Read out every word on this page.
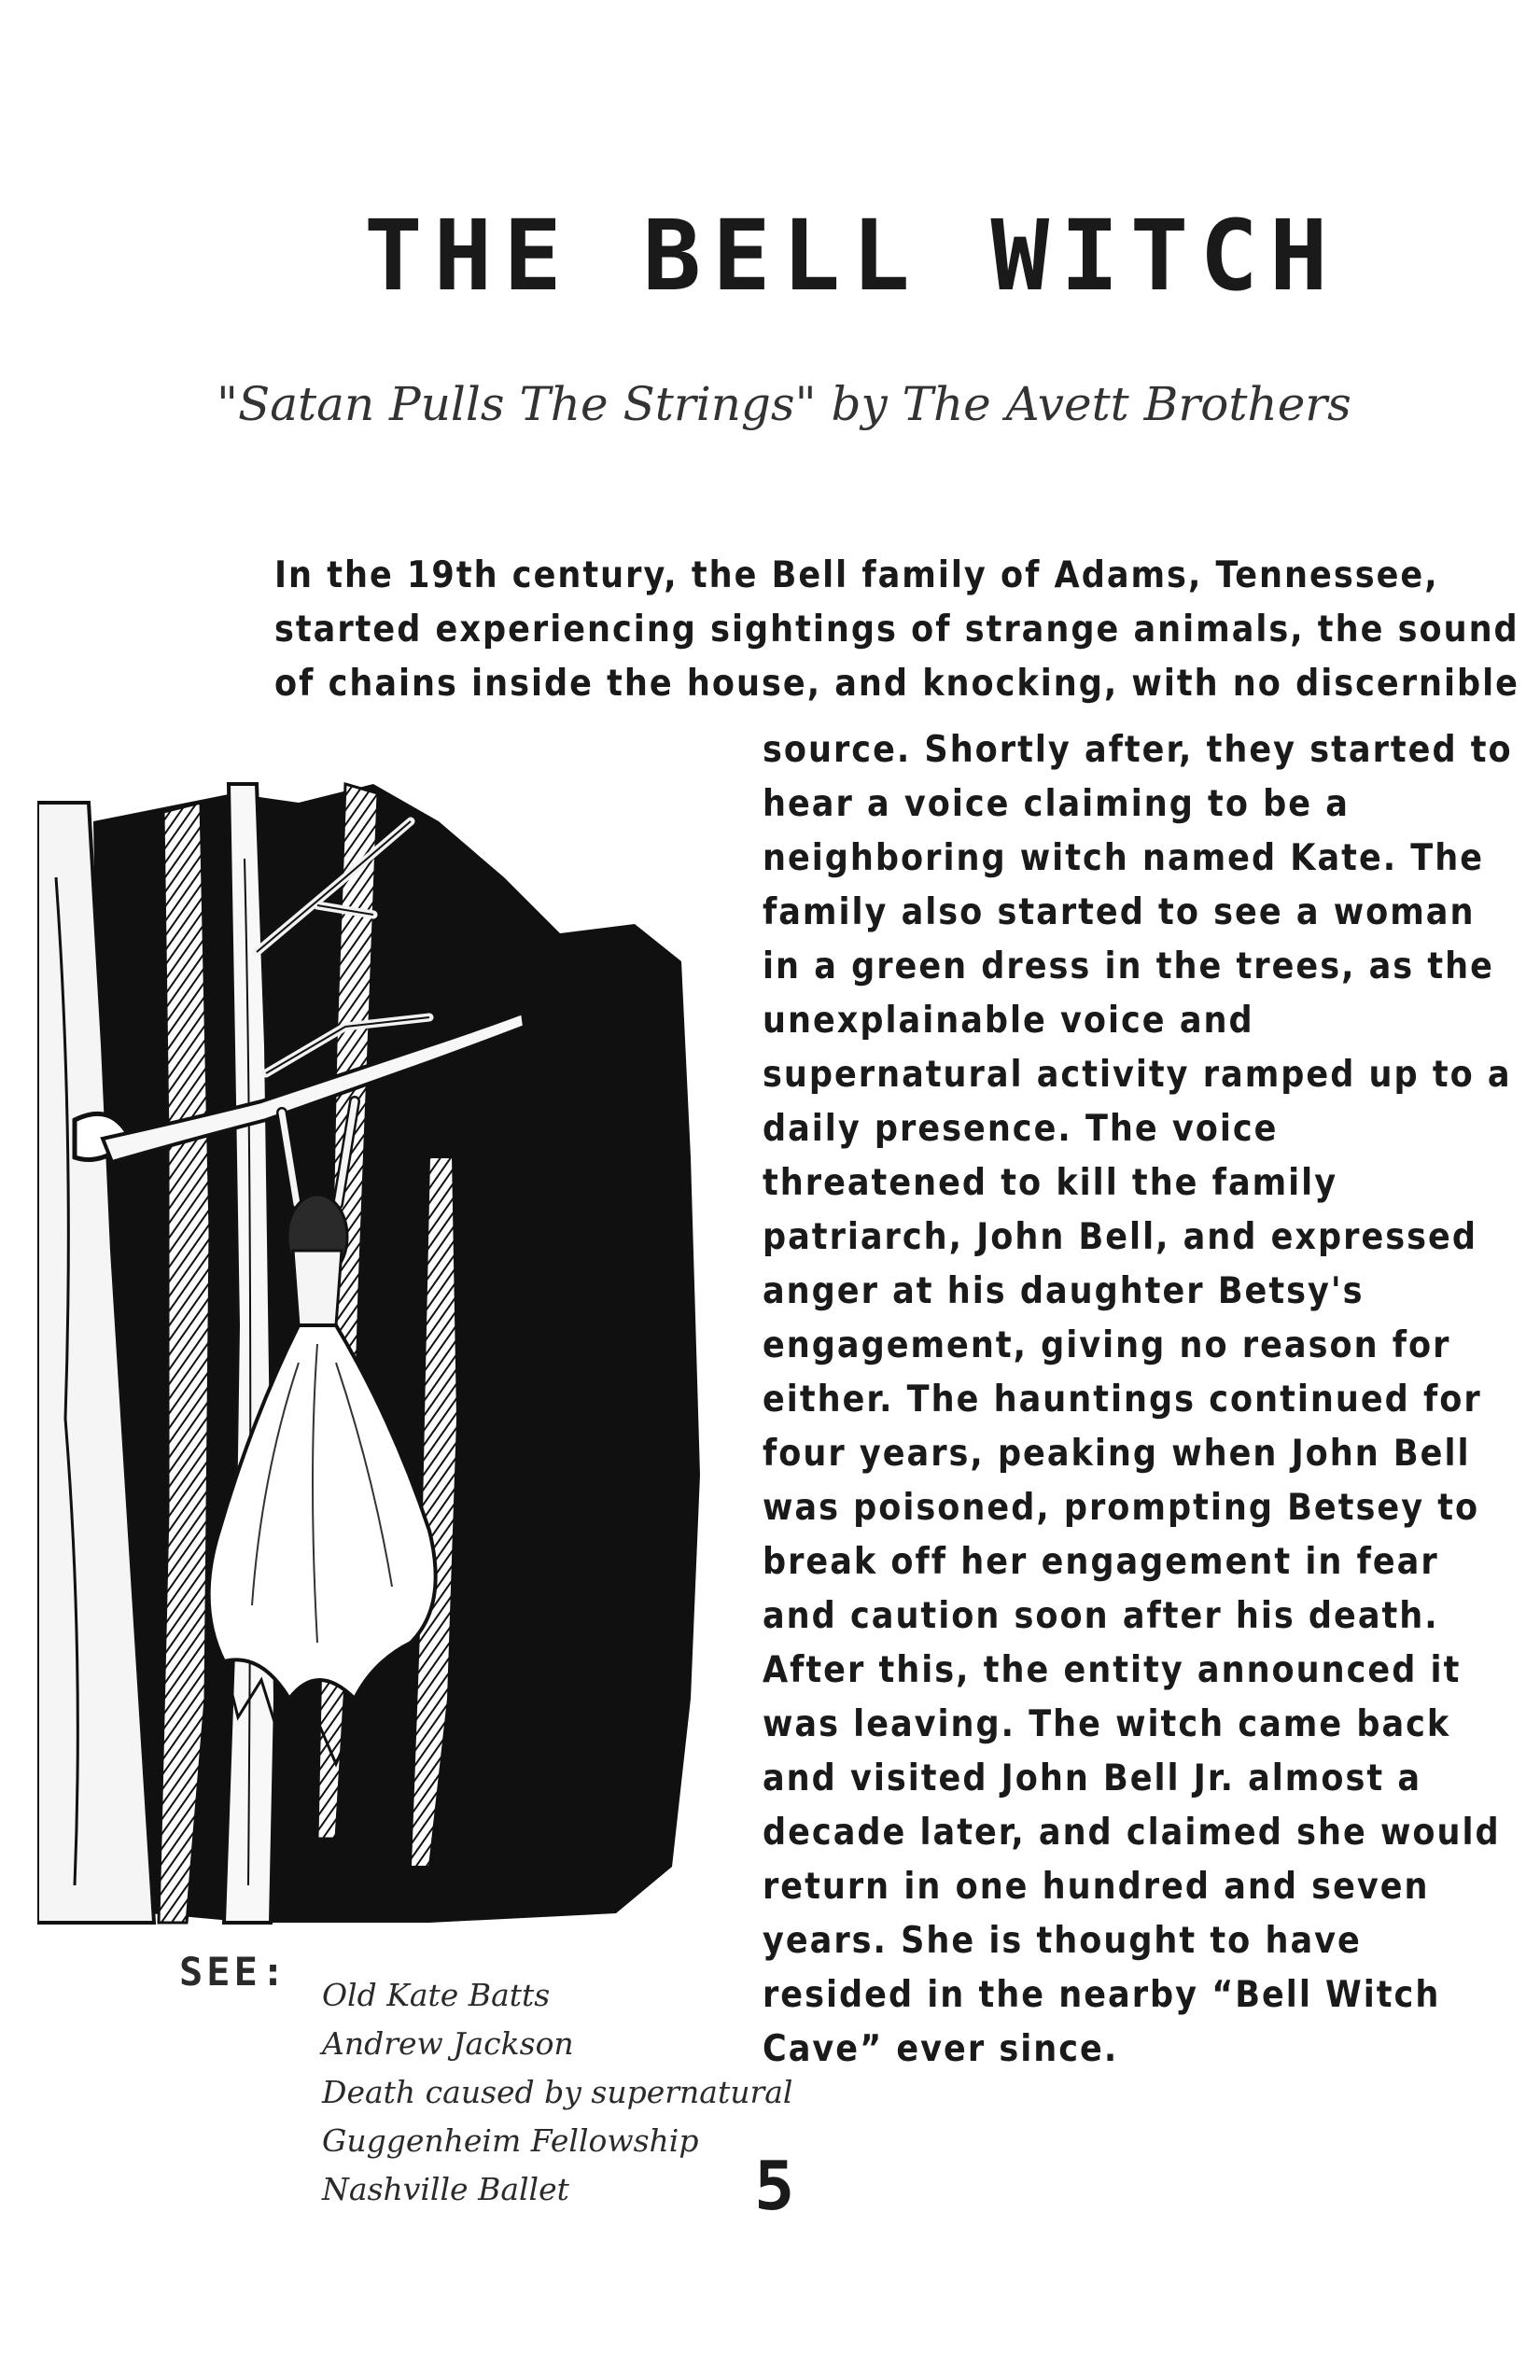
THE BELL WITCH

"Satan Pulls The Strings" by The Avett Brothers

In the 19th century, the Bell family of Adams, Tennessee,
started experiencing sightings of strange animals, the sound
of chains inside the house, and knocking, with no discernible

source. Shortly after, they started to
hear a voice claiming to be a
neighboring witch named Kate. The
family also started to see a woman
in a green dress in the trees, as the
unexplainable voice and
supernatural activity ramped up to a
daily presence. The voice
threatened to kill the family
patriarch, John Bell, and expressed
anger at his daughter Betsy's
engagement, giving no reason for
either. The hauntings continued for
four years, peaking when John Bell
was poisoned, prompting Betsey to
break off her engagement in fear
and caution soon after his death.
After this, the entity announced it
was leaving. The witch came back
and visited John Bell Jr. almost a
decade later, and claimed she would
return in one hundred and seven
years. She is thought to have
resided in the nearby “Bell Witch
Cave” ever since.

SEE:

Old Kate Batts
Andrew Jackson
Death caused by supernatural
Guggenheim Fellowship
Nashville Ballet	5
